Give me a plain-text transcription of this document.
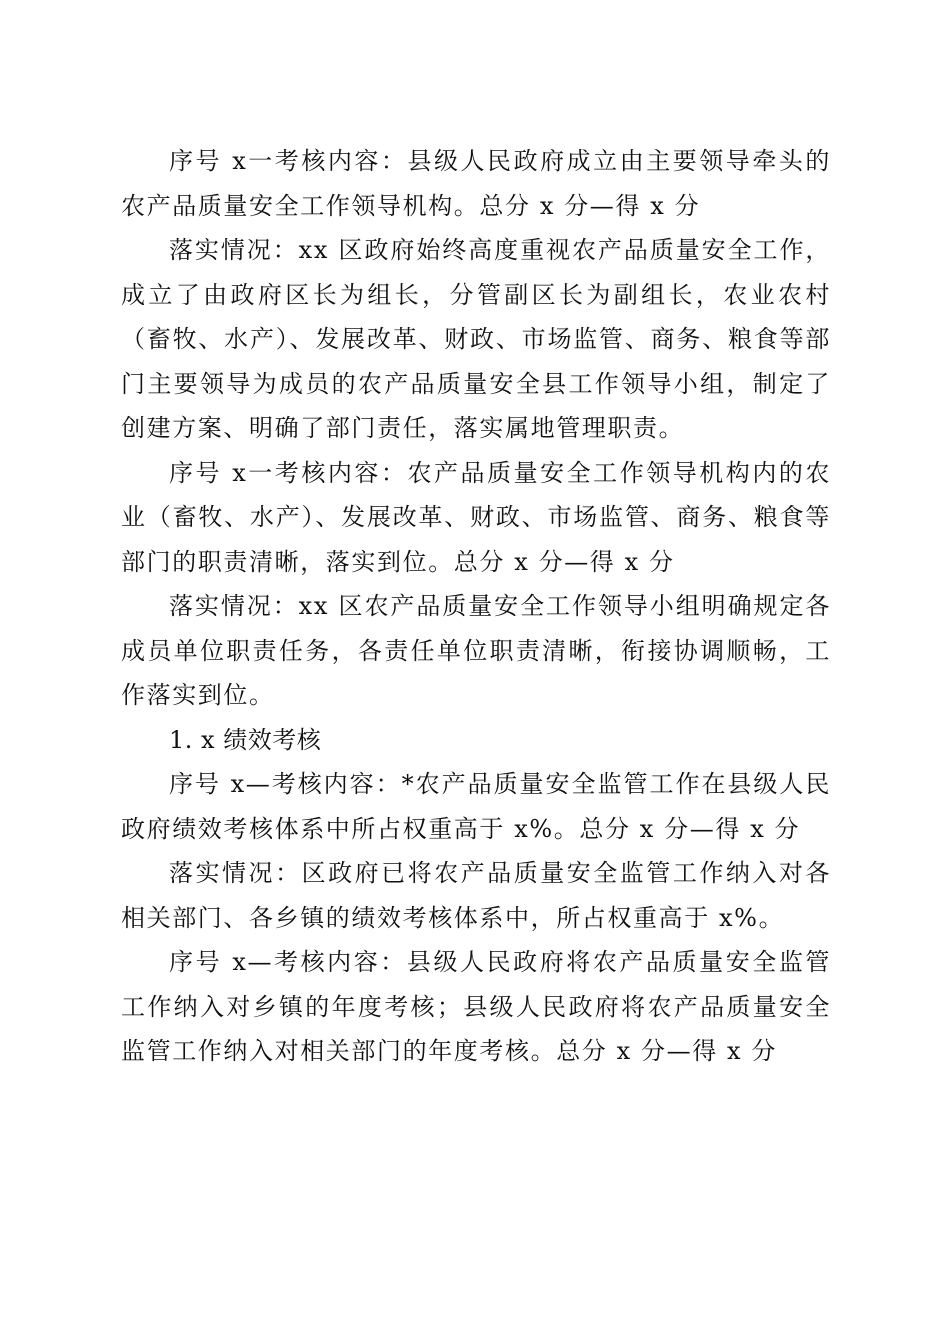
序号 x一考核内容：县级人民政府成立由主要领导牵头的农产品质量安全工作领导机构。总分 x 分—得 x 分

落实情况：xx 区政府始终高度重视农产品质量安全工作，成立了由政府区长为组长，分管副区长为副组长，农业农村（畜牧、水产）、发展改革、财政、市场监管、商务、粮食等部门主要领导为成员的农产品质量安全县工作领导小组，制定了创建方案、明确了部门责任，落实属地管理职责。

序号 x一考核内容：农产品质量安全工作领导机构内的农业（畜牧、水产）、发展改革、财政、市场监管、商务、粮食等部门的职责清晰，落实到位。总分 x 分—得 x 分

落实情况：xx 区农产品质量安全工作领导小组明确规定各成员单位职责任务，各责任单位职责清晰，衔接协调顺畅，工作落实到位。

1. x 绩效考核

序号 x—考核内容：*农产品质量安全监管工作在县级人民政府绩效考核体系中所占权重高于 x%。总分 x 分—得 x 分

落实情况：区政府已将农产品质量安全监管工作纳入对各相关部门、各乡镇的绩效考核体系中，所占权重高于 x%。

序号 x—考核内容：县级人民政府将农产品质量安全监管工作纳入对乡镇的年度考核；县级人民政府将农产品质量安全监管工作纳入对相关部门的年度考核。总分 x 分—得 x 分
